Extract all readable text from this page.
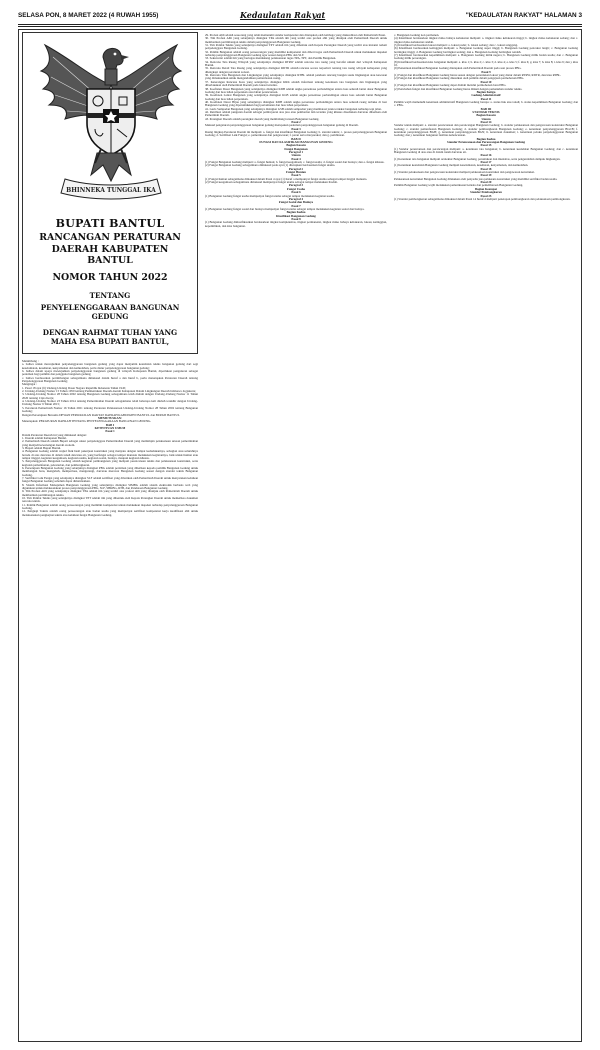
SELASA PON, 8 MARET 2022 (4 RUWAH 1955)	Kedaulatan Rakyat	"KEDAULATAN RAKYAT" HALAMAN 3
BHINNEKA TUNGGAL IKA
BUPATI BANTUL
RANCANGAN PERATURAN DAERAH KABUPATEN BANTUL
NOMOR TAHUN 2022
TENTANG
PENYELENGGARAAN BANGUNAN GEDUNG
DENGAN RAHMAT TUHAN YANG MAHA ESA BUPATI BANTUL,

Menimbang :

a. bahwa untuk mewujudkan penyelenggaraan bangunan gedung yang dapat menjamin keandalan teknis bangunan gedung dari segi keselamatan, kesehatan, kenyamanan dan kemudahan, perlu diatur penyelenggaraan bangunan gedung;

b. bahwa dalam upaya mewujudkan penyelenggaraan bangunan gedung di wilayah Kabupaten Bantul, diperlukan pengaturan sebagai pedoman bagi pemilik dan pengguna bangunan gedung;

c. bahwa berdasarkan pertimbangan sebagaimana dimaksud dalam huruf a dan huruf b, perlu menetapkan Peraturan Daerah tentang Penyelenggaraan Bangunan Gedung;

Mengingat :

1. Pasal 18 ayat (6) Undang-Undang Dasar Negara Republik Indonesia Tahun 1945;

2. Undang-Undang Nomor 15 Tahun 1950 tentang Pembentukan Daerah-daerah Kabupaten Dalam Lingkungan Daerah Istimewa Jogjakarta;

3. Undang-Undang Nomor 28 Tahun 2002 tentang Bangunan Gedung sebagaimana telah diubah dengan Undang-Undang Nomor 11 Tahun 2020 tentang Cipta Kerja;

4. Undang-Undang Nomor 23 Tahun 2014 tentang Pemerintahan Daerah sebagaimana telah beberapa kali diubah terakhir dengan Undang-Undang Nomor 9 Tahun 2015;

5. Peraturan Pemerintah Nomor 16 Tahun 2021 tentang Peraturan Pelaksanaan Undang-Undang Nomor 28 Tahun 2002 tentang Bangunan Gedung;

Dengan Persetujuan Bersama DEWAN PERWAKILAN RAKYAT DAERAH KABUPATEN BANTUL dan BUPATI BANTUL

MEMUTUSKAN:

Menetapkan: PERATURAN DAERAH TENTANG PENYELENGGARAAN BANGUNAN GEDUNG.

BAB I

KETENTUAN UMUM

Pasal 1

Dalam Peraturan Daerah ini yang dimaksud dengan:

1. Daerah adalah Kabupaten Bantul.

2. Pemerintah Daerah adalah Bupati sebagai unsur penyelenggara Pemerintahan Daerah yang memimpin pelaksanaan urusan pemerintahan yang menjadi kewenangan daerah otonom.

3. Bupati adalah Bupati Bantul.

4. Bangunan Gedung adalah wujud fisik hasil pekerjaan konstruksi yang menyatu dengan tempat kedudukannya, sebagian atau seluruhnya berada di atas dan/atau di dalam tanah dan/atau air, yang berfungsi sebagai tempat manusia melakukan kegiatannya, baik untuk hunian atau tempat tinggal, kegiatan keagamaan, kegiatan usaha, kegiatan sosial, budaya, maupun kegiatan khusus.

5. Penyelenggaraan Bangunan Gedung adalah kegiatan pembangunan yang meliputi perencanaan teknis dan pelaksanaan konstruksi, serta kegiatan pemanfaatan, pelestarian, dan pembongkaran.

6. Persetujuan Bangunan Gedung yang selanjutnya disingkat PBG adalah perizinan yang diberikan kepada pemilik Bangunan Gedung untuk membangun baru, mengubah, memperluas, mengurangi, dan/atau merawat Bangunan Gedung sesuai dengan standar teknis Bangunan Gedung.

7. Sertifikat Laik Fungsi yang selanjutnya disingkat SLF adalah sertifikat yang diberikan oleh Pemerintah Daerah untuk menyatakan kelaikan fungsi Bangunan Gedung sebelum dapat dimanfaatkan.

8. Sistem Informasi Manajemen Bangunan Gedung yang selanjutnya disingkat SIMBG adalah sistem elektronik berbasis web yang digunakan untuk melaksanakan proses penyelenggaraan PBG, SLF, SBKBG, RTB, dan Pendataan Bangunan Gedung.

9. Tim Profesi Ahli yang selanjutnya disingkat TPA adalah tim yang terdiri atas profesi ahli yang ditunjuk oleh Pemerintah Daerah untuk memberikan pertimbangan teknis.

10. Tim Penilai Teknis yang selanjutnya disingkat TPT adalah tim yang dibentuk oleh Kepala Perangkat Daerah untuk memeriksa dokumen rencana teknis.

11. Penilik Bangunan adalah orang perseorangan yang memiliki kompetensi untuk melakukan inspeksi terhadap penyelenggaraan Bangunan Gedung.

12. Pengkaji Teknis adalah orang perseorangan atau badan usaha yang mempunyai sertifikat kompetensi kerja kualifikasi ahli untuk melaksanakan pengkajian teknis atas kelaikan fungsi Bangunan Gedung.

29. Profesi Ahli adalah seseorang yang telah memenuhi standar kompetensi dan ditetapkan oleh lembaga yang diakreditasi oleh Pemerintah Pusat.

30. Tim Profesi Ahli yang selanjutnya disingkat TPA adalah tim yang terdiri atas profesi ahli yang ditunjuk oleh Pemerintah Daerah untuk memberikan pertimbangan teknis dalam penyelenggaraan Bangunan Gedung.

31. Tim Penilai Teknis yang selanjutnya disingkat TPT adalah tim yang dibentuk oleh Kepala Perangkat Daerah yang terdiri atas instansi terkait penyelenggara Bangunan Gedung.

32. Penilik Bangunan adalah orang perseorangan yang memiliki kompetensi dan diberi tugas oleh Pemerintah Daerah untuk melakukan inspeksi terhadap penyelenggaraan Bangunan Gedung agar sesuai dengan PBG dan SLF.

33. Sekretariat adalah tim yang bertugas mendukung pelaksanaan tugas TPA, TPT, dan Penilik Bangunan.

34. Rencana Tata Ruang Wilayah yang selanjutnya disingkat RTRW adalah rencana tata ruang yang bersifat umum dari wilayah Kabupaten Bantul.

35. Rencana Detail Tata Ruang yang selanjutnya disingkat RDTR adalah rencana secara terperinci tentang tata ruang wilayah kabupaten yang dilengkapi dengan peraturan zonasi.

36. Rencana Tata Bangunan dan Lingkungan yang selanjutnya disingkat RTBL adalah panduan rancang bangun suatu lingkungan atau kawasan yang dimaksudkan untuk mengendalikan pemanfaatan ruang.

37. Keterangan Rencana Kota yang selanjutnya disingkat KRK adalah informasi tentang ketentuan tata bangunan dan lingkungan yang diberlakukan oleh Pemerintah Daerah pada lokasi tertentu.

38. Koefisien Dasar Bangunan yang selanjutnya disingkat KDB adalah angka persentase perbandingan antara luas seluruh lantai dasar Bangunan Gedung dan luas lahan perpetakan atau lahan perencanaan.

39. Koefisien Lantai Bangunan yang selanjutnya disingkat KLB adalah angka persentase perbandingan antara luas seluruh lantai Bangunan Gedung dan luas lahan perpetakan.

40. Koefisien Dasar Hijau yang selanjutnya disingkat KDH adalah angka persentase perbandingan antara luas seluruh ruang terbuka di luar Bangunan Gedung yang diperuntukkan bagi pertamanan dan luas lahan perpetakan.

41. Garis Sempadan Bangunan yang selanjutnya disingkat GSB adalah sempadan yang membatasi jarak terdekat bangunan terhadap tepi jalan.

42. Retribusi adalah pungutan daerah sebagai pembayaran atas jasa atau pemberian izin tertentu yang khusus disediakan dan/atau diberikan oleh Pemerintah Daerah.

43. Perangkat Daerah adalah perangkat daerah yang membidangi urusan Bangunan Gedung.

Pasal 2

Maksud pengaturan penyelenggaraan bangunan gedung merupakan pedoman penyelenggaraan bangunan gedung di Daerah.

Pasal 3

Ruang lingkup Peraturan Daerah ini meliputi: a. fungsi dan klasifikasi Bangunan Gedung; b. standar teknis; c. proses penyelenggaraan Bangunan Gedung; d. Sertifikat Laik Fungsi; e. pemeriksaan dan pengawasan; f. peran serta masyarakat; dan g. pembinaan.

BAB II

FUNGSI DAN KLASIFIKASI BANGUNAN GEDUNG

Bagian Kesatu

Fungsi Bangunan

Paragraf 1

Umum

Pasal 4

(1) Fungsi Bangunan Gedung meliputi: a. fungsi hunian; b. fungsi keagamaan; c. fungsi usaha; d. fungsi sosial dan budaya; dan e. fungsi khusus.

(2) Fungsi Bangunan Gedung sebagaimana dimaksud pada ayat (1) ditetapkan berdasarkan fungsi utama.

Paragraf 2

Fungsi Hunian

Pasal 5

(1) Fungsi hunian sebagaimana dimaksud dalam Pasal 4 ayat (1) huruf a mempunyai fungsi utama sebagai tempat tinggal manusia.

(2) Fungsi keagamaan sebagaimana dimaksud mempunyai fungsi utama sebagai tempat melakukan ibadah.

Paragraf 3

Fungsi Usaha

Pasal 6

(1) Bangunan Gedung fungsi usaha mempunyai fungsi utama sebagai tempat melakukan kegiatan usaha.

Paragraf 4

Fungsi Sosial dan Budaya

Pasal 7

(1) Bangunan Gedung fungsi sosial dan budaya mempunyai fungsi utama sebagai tempat melakukan kegiatan sosial dan budaya.

Bagian Kedua

Klasifikasi Bangunan Gedung

Pasal 8

(1) Bangunan Gedung diklasifikasikan berdasarkan tingkat kompleksitas, tingkat permanensi, tingkat risiko bahaya kebakaran, lokasi, ketinggian, kepemilikan, dan klas bangunan.

c. Bangunan Gedung non permanen.

(4) Klasifikasi berdasarkan tingkat risiko bahaya kebakaran meliputi: a. tingkat risiko kebakaran tinggi; b. tingkat risiko kebakaran sedang; dan c. tingkat risiko kebakaran rendah.

(5) Klasifikasi berdasarkan lokasi meliputi: a. lokasi padat; b. lokasi sedang; dan c. lokasi renggang.

(6) Klasifikasi berdasarkan ketinggian meliputi: a. Bangunan Gedung super tinggi; b. Bangunan Gedung pencakar langit; c. Bangunan Gedung bertingkat tinggi; d. Bangunan Gedung bertingkat sedang; dan e. Bangunan Gedung bertingkat rendah.

(7) Klasifikasi berdasarkan kepemilikan meliputi: a. Bangunan Gedung milik negara; b. Bangunan Gedung milik badan usaha; dan c. Bangunan Gedung milik perorangan.

(8) Klasifikasi berdasarkan klas bangunan meliputi: a. klas 1; b. klas 2; c. klas 3; d. klas 4; e. klas 5; f. klas 6; g. klas 7; h. klas 8; i. klas 9; dan j. klas 10.

(9) Penentuan klasifikasi Bangunan Gedung ditetapkan oleh Pemerintah Daerah pada saat proses PBG.

Pasal 9

(1) Fungsi dan klasifikasi Bangunan Gedung harus sesuai dengan peruntukan lokasi yang diatur dalam RTRW, RDTR, dan/atau RTBL.

(2) Fungsi dan klasifikasi Bangunan Gedung diusulkan oleh pemilik dalam pengajuan permohonan PBG.

Pasal 10

(1) Fungsi dan klasifikasi Bangunan Gedung dapat diubah melalui permohonan baru PBG.

(2) Perubahan fungsi dan klasifikasi Bangunan Gedung harus diikuti dengan pemenuhan standar teknis.

Bagian Ketiga

Gedung Administratif

Pasal 11

Pemilik wajib memenuhi ketentuan administratif Bangunan Gedung berupa: a. status hak atas tanah; b. status kepemilikan Bangunan Gedung; dan c. PBG.

BAB III

STANDAR TEKNIS

Bagian Kesatu

Umum

Pasal 14

Standar teknis meliputi: a. standar perencanaan dan perancangan Bangunan Gedung; b. standar pelaksanaan dan pengawasan konstruksi Bangunan Gedung; c. standar pemanfaatan Bangunan Gedung; d. standar pembongkaran Bangunan Gedung; e. ketentuan penyelenggaraan BGCB; f. ketentuan penyelenggaraan BGH; g. ketentuan penyelenggaraan BGN; h. ketentuan dokumen; i. ketentuan pelaku penyelenggaraan Bangunan Gedung; dan j. ketentuan bangunan fasilitas kebencanaan.

Bagian Kedua

Standar Perencanaan dan Perancangan Bangunan Gedung

Pasal 15

(1) Standar perencanaan dan perancangan meliputi: a. ketentuan tata bangunan; b. ketentuan keandalan Bangunan Gedung; dan c. ketentuan Bangunan Gedung di atas atau di dalam tanah dan/atau air.

Pasal 16

(1) Ketentuan tata bangunan meliputi arsitektur Bangunan Gedung, peruntukan dan intensitas, serta pengendalian dampak lingkungan.

Pasal 17

(1) Ketentuan keandalan Bangunan Gedung meliputi keselamatan, kesehatan, kenyamanan, dan kemudahan.

Pasal 18

(1) Standar pelaksanaan dan pengawasan konstruksi meliputi pelaksanaan konstruksi dan pengawasan konstruksi.

Pasal 19

Pelaksanaan konstruksi Bangunan Gedung dilakukan oleh penyedia jasa pelaksana konstruksi yang memiliki sertifikat badan usaha.

Pasal 20

Pemilik Bangunan Gedung wajib melakukan pemeriksaan berkala dan pemeliharaan Bangunan Gedung.

Bagian Keempat

Standar Pembongkaran

Pasal 25

(1) Standar pembongkaran sebagaimana dimaksud dalam Pasal 14 huruf d meliputi penetapan pembongkaran dan pelaksanaan pembongkaran.
